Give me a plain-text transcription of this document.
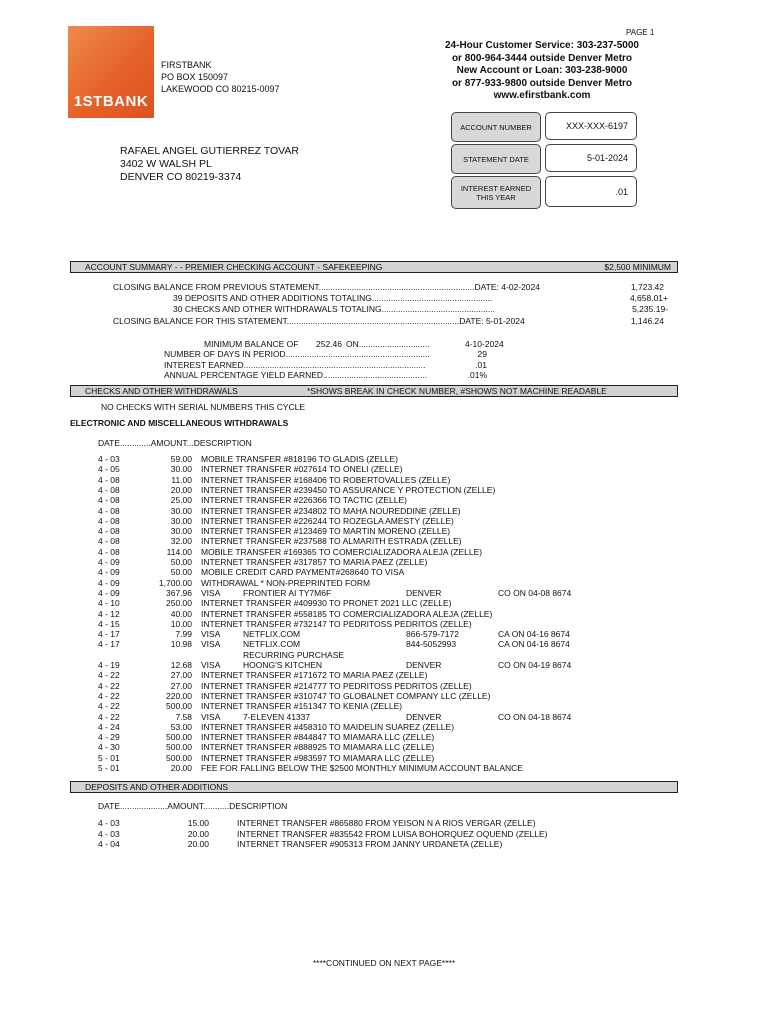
1STBANK
FIRSTBANK
PO BOX 150097
LAKEWOOD CO 80215-0097
PAGE 1
24-Hour Customer Service: 303-237-5000
or 800-964-3444 outside Denver Metro
New Account or Loan: 303-238-9000
or 877-933-9800 outside Denver Metro
www.efirstbank.com
ACCOUNT NUMBER	XXX-XXX-6197
STATEMENT DATE	5-01-2024
INTEREST EARNED THIS YEAR
.01
RAFAEL ANGEL GUTIERREZ TOVAR
3402 W WALSH PL
DENVER CO 80219-3374
ACCOUNT SUMMARY - - PREMIER CHECKING ACCOUNT - SAFEKEEPING	$2,500 MINIMUM
CLOSING BALANCE FROM PREVIOUS STATEMENT..................................................................DATE: 4-02-2024	1,723.42
39 DEPOSITS AND OTHER ADDITIONS TOTALING...................................................	4,658.01+
30 CHECKS AND OTHER WITHDRAWALS TOTALING................................................	5,235.19-
CLOSING BALANCE FOR THIS STATEMENT.........................................................................DATE: 5-01-2024	1,146.24
MINIMUM BALANCE OF 252.46 ON..............................	4-10-2024
NUMBER OF DAYS IN PERIOD.............................................................	29
INTEREST EARNED.............................................................................	.01
ANNUAL PERCENTAGE YIELD EARNED............................................	.01%
CHECKS AND OTHER WITHDRAWALS	*SHOWS BREAK IN CHECK NUMBER, #SHOWS NOT MACHINE READABLE
NO CHECKS WITH SERIAL NUMBERS THIS CYCLE
ELECTRONIC AND MISCELLANEOUS WITHDRAWALS
DATE.............AMOUNT...DESCRIPTION
4 - 03	59.00 MOBILE TRANSFER #818196 TO GLADIS (ZELLE)
4 - 05	30.00 INTERNET TRANSFER #027614 TO ONELI (ZELLE)
4 - 08	11.00 INTERNET TRANSFER #168406 TO ROBERTOVALLES (ZELLE)
4 - 08	20.00 INTERNET TRANSFER #239450 TO ASSURANCE Y PROTECTION (ZELLE)
4 - 08	25.00 INTERNET TRANSFER #226366 TO TACTIC (ZELLE)
4 - 08	30.00 INTERNET TRANSFER #234802 TO MAHA NOUREDDINE (ZELLE)
4 - 08	30.00 INTERNET TRANSFER #226244 TO ROZEGLA AMESTY (ZELLE)
4 - 08	30.00 INTERNET TRANSFER #123469 TO MARTIN MORENO (ZELLE)
4 - 08	32.00 INTERNET TRANSFER #237588 TO ALMARITH ESTRADA (ZELLE)
4 - 08	114.00 MOBILE TRANSFER #169365 TO COMERCIALIZADORA ALEJA (ZELLE)
4 - 09	50.00 INTERNET TRANSFER #317857 TO MARIA PAEZ (ZELLE)
4 - 09	50.00 MOBILE CREDIT CARD PAYMENT#268640 TO VISA
4 - 09	1,700.00 WITHDRAWAL * NON-PREPRINTED FORM
4 - 09	367.96 VISA	FRONTIER AI TY7M6F	DENVER	CO ON 04-08 8674
4 - 10	250.00 INTERNET TRANSFER #409930 TO PRONET 2021 LLC (ZELLE)
4 - 12	40.00 INTERNET TRANSFER #558185 TO COMERCIALIZADORA ALEJA (ZELLE)
4 - 15	10.00 INTERNET TRANSFER #732147 TO PEDRITOSS PEDRITOS (ZELLE)
4 - 17	7.99 VISA	NETFLIX.COM	866-579-7172	CA ON 04-16 8674
4 - 17	10.98 VISA	NETFLIX.COM	844-5052993	CA ON 04-16 8674
RECURRING PURCHASE
4 - 19	12.68 VISA	HOONG'S KITCHEN	DENVER	CO ON 04-19 8674
4 - 22	27.00 INTERNET TRANSFER #171672 TO MARIA PAEZ (ZELLE)
4 - 22	27.00 INTERNET TRANSFER #214777 TO PEDRITOSS PEDRITOS (ZELLE)
4 - 22	220.00 INTERNET TRANSFER #310747 TO GLOBALNET COMPANY LLC (ZELLE)
4 - 22	500.00 INTERNET TRANSFER #151347 TO KENIA (ZELLE)
4 - 22	7.58 VISA	7-ELEVEN 41337	DENVER	CO ON 04-18 8674
4 - 24	53.00 INTERNET TRANSFER #458310 TO MAIDELIN SUAREZ (ZELLE)
4 - 29	500.00 INTERNET TRANSFER #844847 TO MIAMARA LLC (ZELLE)
4 - 30	500.00 INTERNET TRANSFER #888925 TO MIAMARA LLC (ZELLE)
5 - 01	500.00 INTERNET TRANSFER #983597 TO MIAMARA LLC (ZELLE)
5 - 01	20.00 FEE FOR FALLING BELOW THE $2500 MONTHLY MINIMUM ACCOUNT BALANCE
DEPOSITS AND OTHER ADDITIONS
DATE....................AMOUNT...........DESCRIPTION
4 - 03	15.00	INTERNET TRANSFER #865880 FROM YEISON N A RIOS VERGAR (ZELLE)
4 - 03	20.00	INTERNET TRANSFER #835542 FROM LUISA BOHORQUEZ OQUEND (ZELLE)
4 - 04	20.00	INTERNET TRANSFER #905313 FROM JANNY URDANETA (ZELLE)
****CONTINUED ON NEXT PAGE****
